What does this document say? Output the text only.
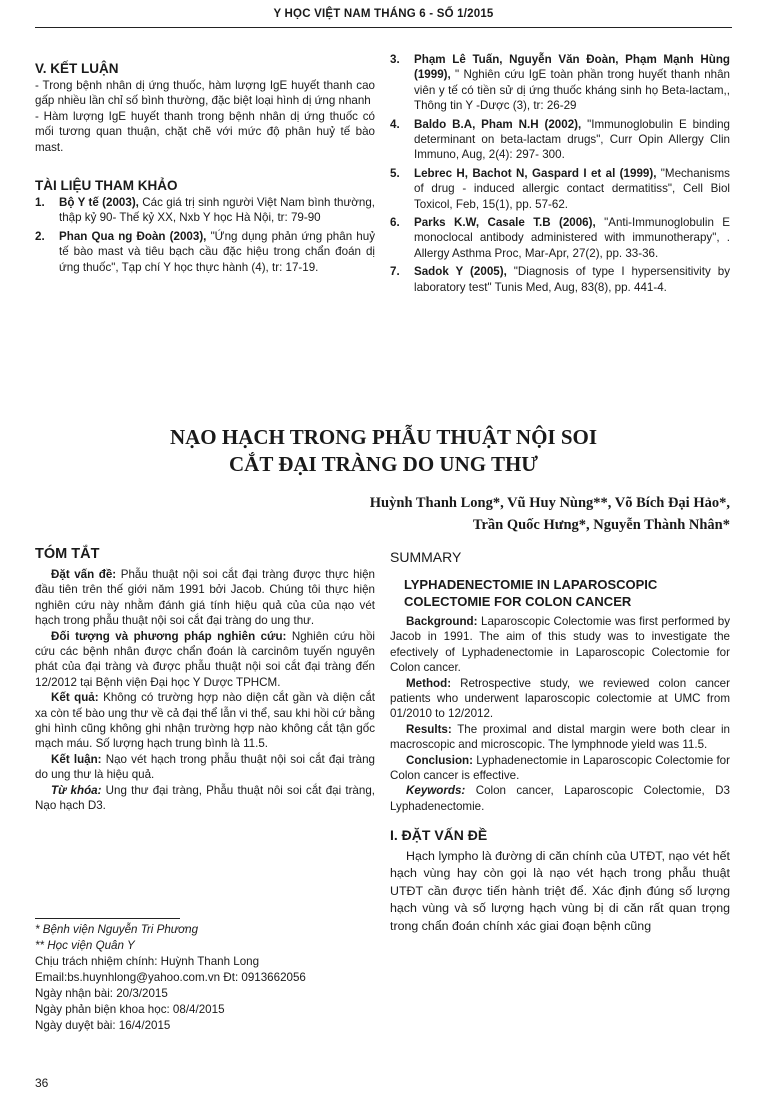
Y HỌC VIỆT NAM THÁNG 6 - SỐ 1/2015
V. KẾT LUẬN

- Trong bệnh nhân dị ứng thuốc, hàm lượng IgE huyết thanh cao gấp nhiều lần chỉ số bình thường, đặc biệt loại hình dị ứng nhanh

- Hàm lượng IgE huyết thanh trong bệnh nhân dị ứng thuốc có mối tương quan thuận, chặt chẽ với mức độ phân huỷ tế bào mast.

TÀI LIỆU THAM KHẢO
1. Bộ Y tế (2003), Các giá trị sinh người Việt Nam bình thường, thập kỷ 90- Thế kỷ XX, Nxb Y học Hà Nội, tr: 79-90
2. Phan Qua ng Đoàn (2003), "Ứng dụng phản ứng phân huỷ tế bào mast và tiêu bạch cầu đặc hiệu trong chẩn đoán dị ứng thuốc", Tạp chí Y học thực hành (4), tr: 17-19.
3. Phạm Lê Tuấn, Nguyễn Văn Đoàn, Phạm Mạnh Hùng (1999), " Nghiên cứu IgE toàn phần trong huyết thanh nhân viên y tế có tiền sử dị ứng thuốc kháng sinh họ Beta-lactam,, Thông tin Y -Dược (3), tr: 26-29
4. Baldo B.A, Pham N.H (2002), "Immunoglobulin E binding determinant on beta-lactam drugs", Curr Opin Allergy Clin Immuno, Aug, 2(4): 297- 300.
5. Lebrec H, Bachot N, Gaspard I et al (1999), "Mechanisms of drug - induced allergic contact dermatitiss", Cell Biol Toxicol, Feb, 15(1), pp. 57-62.
6. Parks K.W, Casale T.B (2006), "Anti-Immunoglobulin E monoclocal antibody administered with immunotherapy", . Allergy Asthma Proc, Mar-Apr, 27(2), pp. 33-36.
7. Sadok Y (2005), "Diagnosis of type I hypersensitivity by laboratory test" Tunis Med, Aug, 83(8), pp. 441-4.
NẠO HẠCH TRONG PHẪU THUẬT NỘI SOI
CẮT ĐẠI TRÀNG DO UNG THƯ
Huỳnh Thanh Long*, Vũ Huy Nùng**, Võ Bích Đại Hảo*,
Trần Quốc Hưng*, Nguyễn Thành Nhân*
TÓM TẮT

Đặt vấn đề: Phẫu thuật nội soi cắt đại tràng được thực hiện đầu tiên trên thế giới năm 1991 bởi Jacob. Chúng tôi thực hiện nghiên cứu này nhằm đánh giá tính hiệu quả của của nạo vét hạch trong phẫu thuật nội soi cắt đại tràng do ung thư.

Đối tượng và phương pháp nghiên cứu: Nghiên cứu hồi cứu các bệnh nhân được chẩn đoán là carcinôm tuyến nguyên phát của đại tràng và được phẫu thuật nội soi cắt đại tràng đến 12/2012 tại Bệnh viện Đại học Y Dược TPHCM.

Kết quả: Không có trường hợp nào diện cắt gần và diện cắt xa còn tế bào ung thư về cả đại thể lẫn vi thể, sau khi hồi cứ bằng ghi hình cũng không ghi nhận trường hợp nào không cắt tận gốc mạch máu. Số lượng hạch trung bình là 11.5.

Kết luận: Nạo vét hạch trong phẫu thuật nội soi cắt đại tràng do ung thư là hiệu quả.

Từ khóa: Ung thư đại tràng, Phẫu thuật nôi soi cắt đại tràng, Nạo hạch D3.

* Bệnh viện Nguyễn Tri Phương
** Học viện Quân Y
Chịu trách nhiệm chính: Huỳnh Thanh Long
Email:bs.huynhlong@yahoo.com.vn Đt: 0913662056
Ngày nhận bài: 20/3/2015
Ngày phản biện khoa học: 08/4/2015
Ngày duyệt bài: 16/4/2015
SUMMARY
LYPHADENECTOMIE IN LAPAROSCOPIC
COLECTOMIE FOR COLON CANCER

Background: Laparoscopic Colectomie was first performed by Jacob in 1991. The aim of this study was to investigate the efectively of Lyphadenectomie in Laparoscopic Colectomie for Colon cancer.

Method: Retrospective study, we reviewed colon cancer patients who underwent laparoscopic colectomie at UMC from 01/2010 to 12/2012.

Results: The proximal and distal margin were both clear in macroscopic and microscopic. The lymphnode yield was 11.5.

Conclusion: Lyphadenectomie in Laparoscopic Colectomie for Colon cancer is effective.

Keywords: Colon cancer, Laparoscopic Colectomie, D3 Lyphadenectomie.

I. ĐẶT VẤN ĐỀ

Hạch lympho là đường di căn chính của UTĐT, nạo vét hết hạch vùng hay còn gọi là nạo vét hạch trong phẫu thuật UTĐT cần được tiến hành triệt để. Xác định đúng số lượng hạch vùng và số lượng hạch vùng bị di căn rất quan trọng trong chẩn đoán chính xác giai đoạn bệnh cũng

36
